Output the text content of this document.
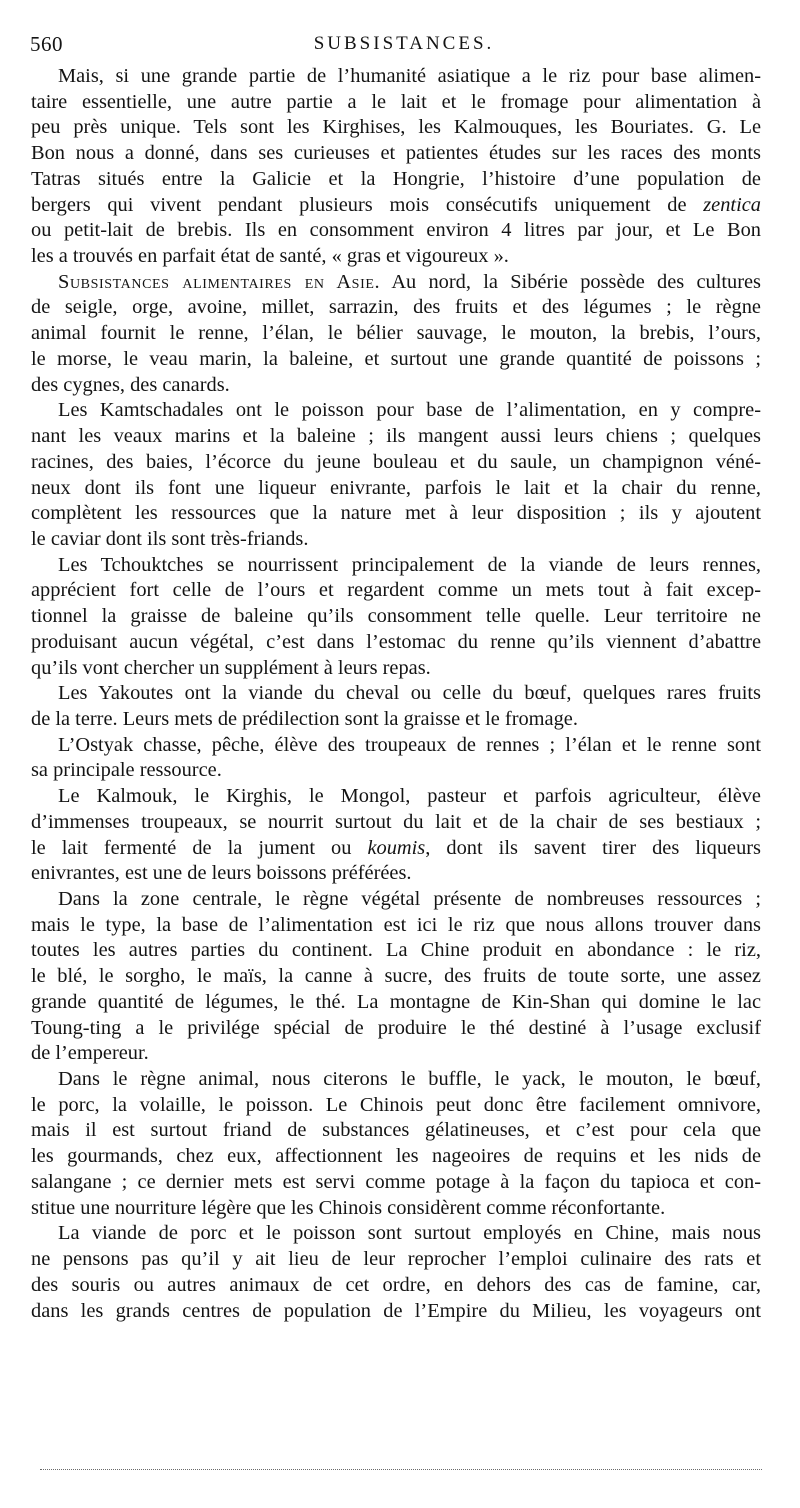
560	SUBSISTANCES.

Mais, si une grande partie de l’humanité asiatique a le riz pour base alimen-
taire essentielle, une autre partie a le lait et le fromage pour alimentation à
peu près unique. Tels sont les Kirghises, les Kalmouques, les Bouriates. G. Le
Bon nous a donné, dans ses curieuses et patientes études sur les races des monts
Tatras situés entre la Galicie et la Hongrie, l’histoire d’une population de
bergers qui vivent pendant plusieurs mois consécutifs uniquement de zentica
ou petit-lait de brebis. Ils en consomment environ 4 litres par jour, et Le Bon
les a trouvés en parfait état de santé, « gras et vigoureux ».

Subsistances alimentaires en Asie. Au nord, la Sibérie possède des cultures
de seigle, orge, avoine, millet, sarrazin, des fruits et des légumes ; le règne
animal fournit le renne, l’élan, le bélier sauvage, le mouton, la brebis, l’ours,
le morse, le veau marin, la baleine, et surtout une grande quantité de poissons ;
des cygnes, des canards.

Les Kamtschadales ont le poisson pour base de l’alimentation, en y compre-
nant les veaux marins et la baleine ; ils mangent aussi leurs chiens ; quelques
racines, des baies, l’écorce du jeune bouleau et du saule, un champignon véné-
neux dont ils font une liqueur enivrante, parfois le lait et la chair du renne,
complètent les ressources que la nature met à leur disposition ; ils y ajoutent
le caviar dont ils sont très-friands.

Les Tchouktches se nourrissent principalement de la viande de leurs rennes,
apprécient fort celle de l’ours et regardent comme un mets tout à fait excep-
tionnel la graisse de baleine qu’ils consomment telle quelle. Leur territoire ne
produisant aucun végétal, c’est dans l’estomac du renne qu’ils viennent d’abattre
qu’ils vont chercher un supplément à leurs repas.

Les Yakoutes ont la viande du cheval ou celle du bœuf, quelques rares fruits
de la terre. Leurs mets de prédilection sont la graisse et le fromage.

L’Ostyak chasse, pêche, élève des troupeaux de rennes ; l’élan et le renne sont
sa principale ressource.

Le Kalmouk, le Kirghis, le Mongol, pasteur et parfois agriculteur, élève
d’immenses troupeaux, se nourrit surtout du lait et de la chair de ses bestiaux ;
le lait fermenté de la jument ou koumis, dont ils savent tirer des liqueurs
enivrantes, est une de leurs boissons préférées.

Dans la zone centrale, le règne végétal présente de nombreuses ressources ;
mais le type, la base de l’alimentation est ici le riz que nous allons trouver dans
toutes les autres parties du continent. La Chine produit en abondance : le riz,
le blé, le sorgho, le maïs, la canne à sucre, des fruits de toute sorte, une assez
grande quantité de légumes, le thé. La montagne de Kin-Shan qui domine le lac
Toung-ting a le privilége spécial de produire le thé destiné à l’usage exclusif
de l’empereur.

Dans le règne animal, nous citerons le buffle, le yack, le mouton, le bœuf,
le porc, la volaille, le poisson. Le Chinois peut donc être facilement omnivore,
mais il est surtout friand de substances gélatineuses, et c’est pour cela que
les gourmands, chez eux, affectionnent les nageoires de requins et les nids de
salangane ; ce dernier mets est servi comme potage à la façon du tapioca et con-
stitue une nourriture légère que les Chinois considèrent comme réconfortante.

La viande de porc et le poisson sont surtout employés en Chine, mais nous
ne pensons pas qu’il y ait lieu de leur reprocher l’emploi culinaire des rats et
des souris ou autres animaux de cet ordre, en dehors des cas de famine, car,
dans les grands centres de population de l’Empire du Milieu, les voyageurs ont
